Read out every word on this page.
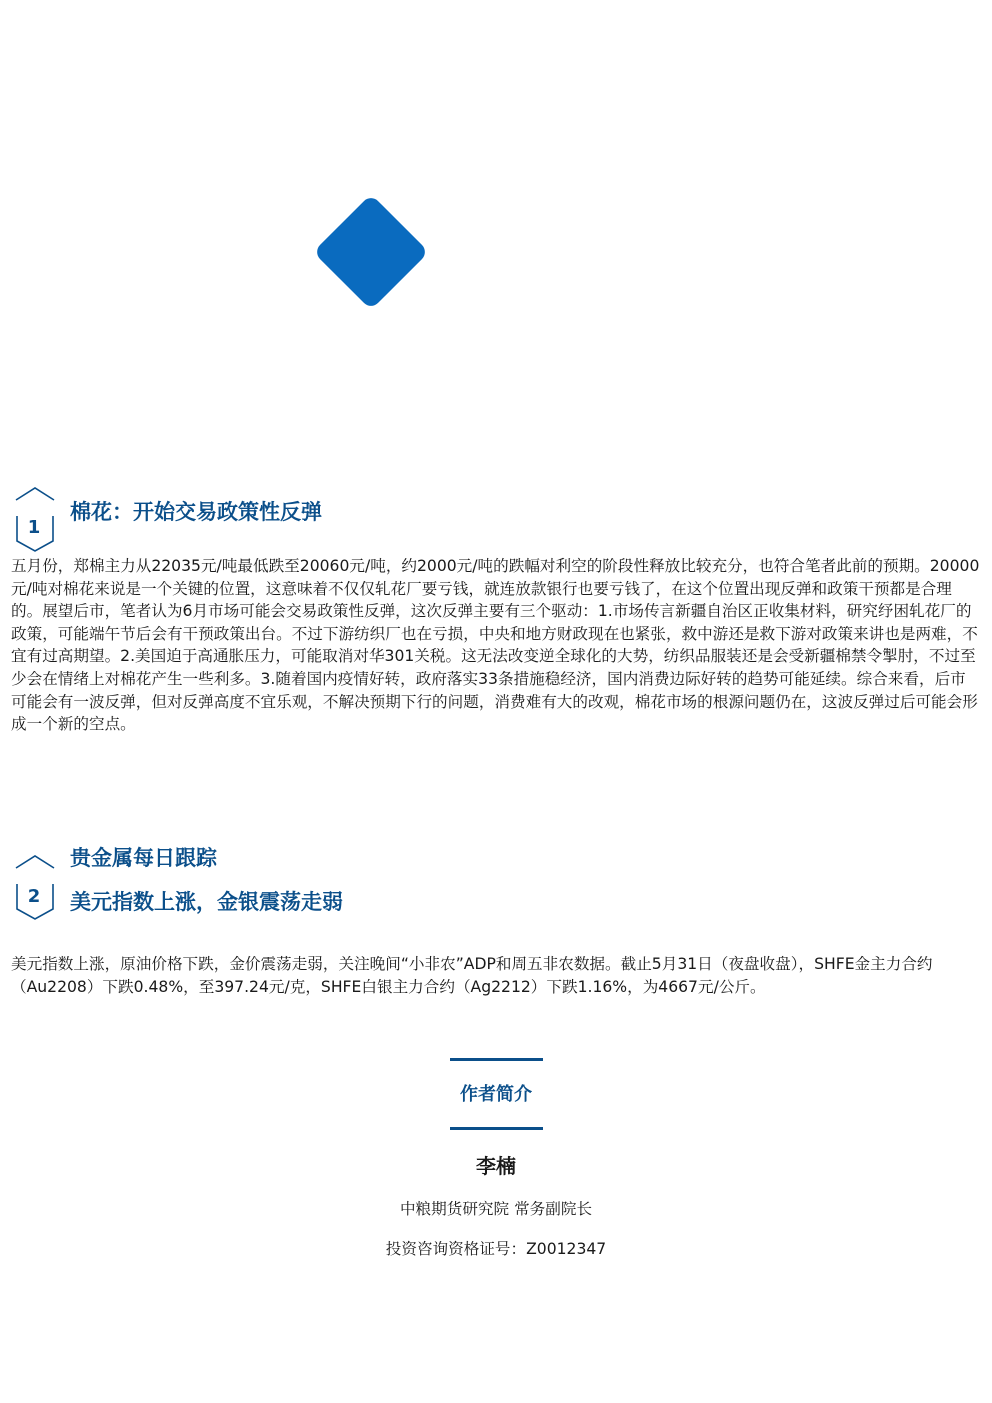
1
棉花：开始交易政策性反弹

五月份，郑棉主力从22035元/吨最低跌至20060元/吨，约2000元/吨的跌幅对利空的阶段性释放比较充分，也符合笔者此前的预期。20000元/吨对棉花来说是一个关键的位置，这意味着不仅仅轧花厂要亏钱，就连放款银行也要亏钱了，在这个位置出现反弹和政策干预都是合理的。展望后市，笔者认为6月市场可能会交易政策性反弹，这次反弹主要有三个驱动：1.市场传言新疆自治区正收集材料，研究纾困轧花厂的政策，可能端午节后会有干预政策出台。不过下游纺织厂也在亏损，中央和地方财政现在也紧张，救中游还是救下游对政策来讲也是两难，不宜有过高期望。2.美国迫于高通胀压力，可能取消对华301关税。这无法改变逆全球化的大势，纺织品服装还是会受新疆棉禁令掣肘，不过至少会在情绪上对棉花产生一些利多。3.随着国内疫情好转，政府落实33条措施稳经济，国内消费边际好转的趋势可能延续。综合来看，后市可能会有一波反弹，但对反弹高度不宜乐观，不解决预期下行的问题，消费难有大的改观，棉花市场的根源问题仍在，这波反弹过后可能会形成一个新的空点。

2
贵金属每日跟踪
美元指数上涨，金银震荡走弱

美元指数上涨，原油价格下跌，金价震荡走弱，关注晚间“小非农”ADP和周五非农数据。截止5月31日（夜盘收盘），SHFE金主力合约（Au2208）下跌0.48%，至397.24元/克，SHFE白银主力合约（Ag2212）下跌1.16%，为4667元/公斤。

作者简介
李楠
中粮期货研究院 常务副院长
投资咨询资格证号：Z0012347
